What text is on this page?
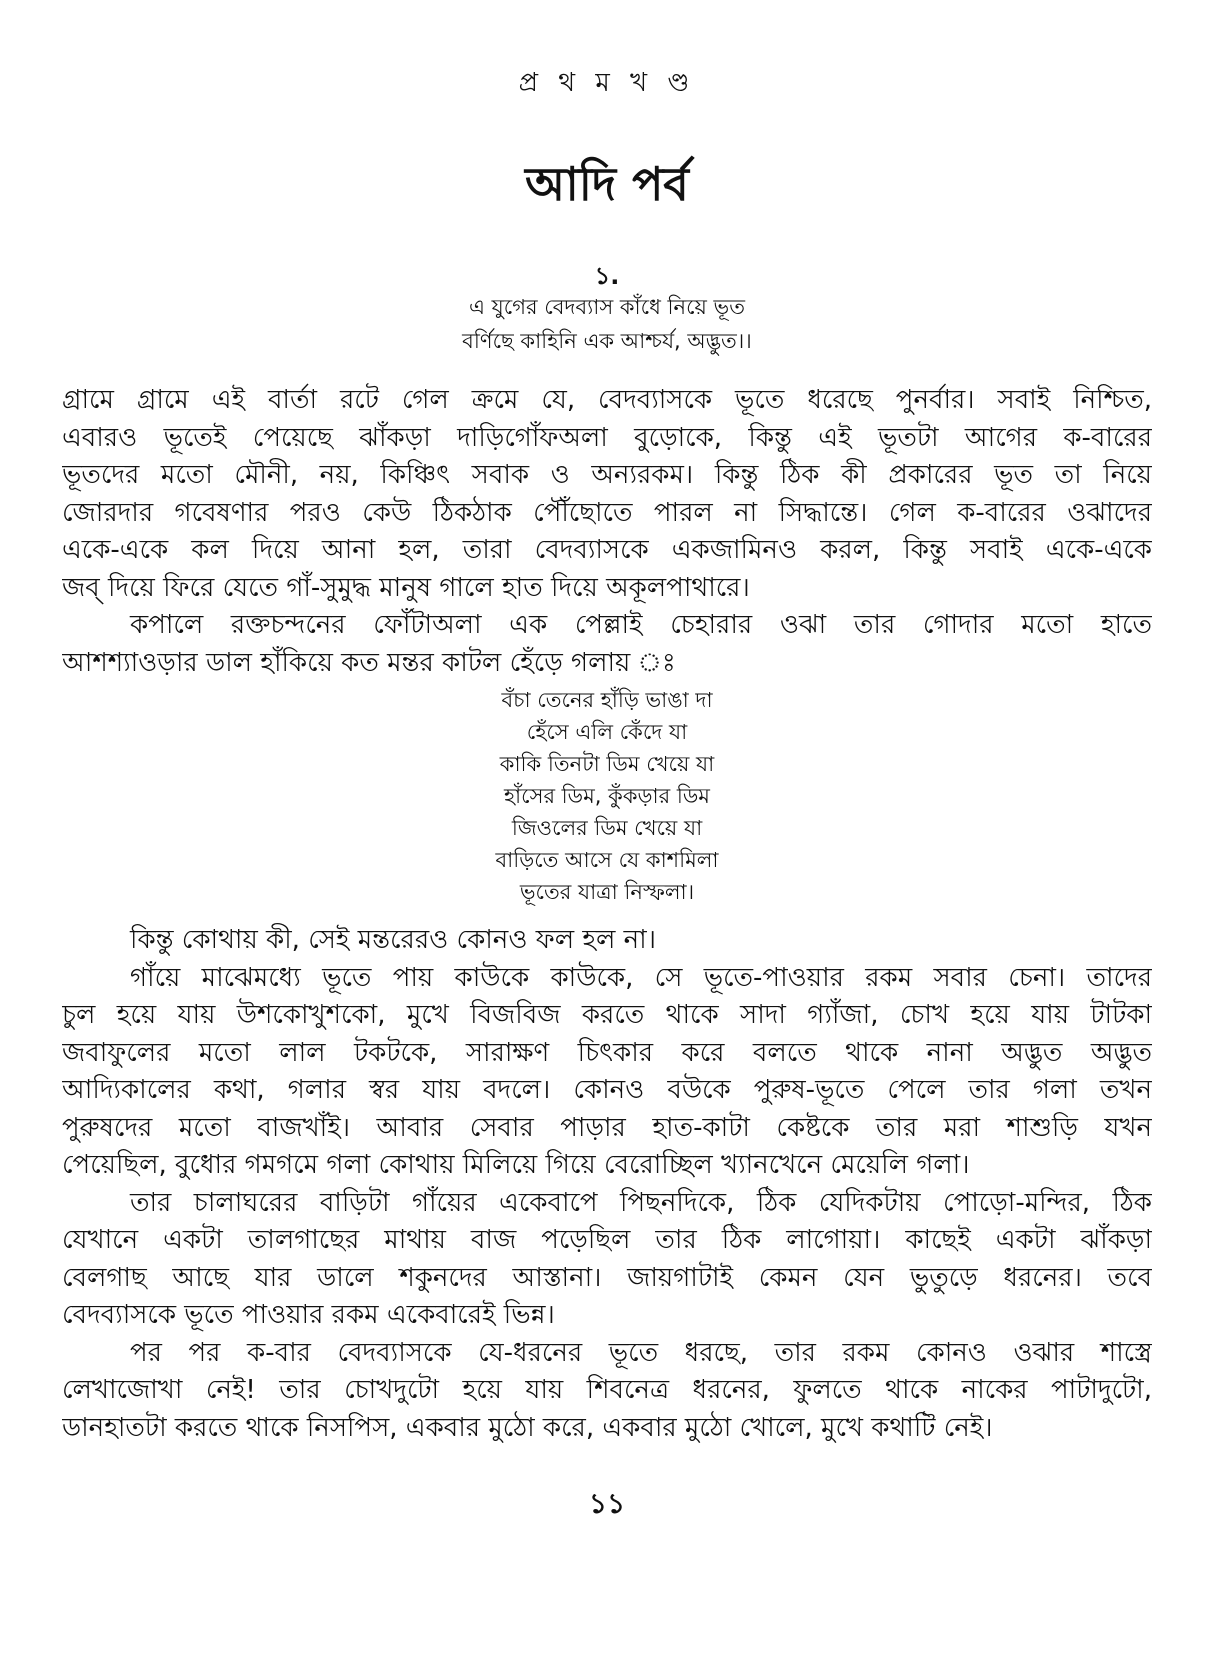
প্র থ ম খ ণ্ড
আদি পর্ব
১.
এ যুগের বেদব্যাস কাঁধে নিয়ে ভূত
বর্ণিছে কাহিনি এক আশ্চর্য, অদ্ভুত।।
গ্রামে গ্রামে এই বার্তা রটে গেল ক্রমে যে, বেদব্যাসকে ভূতে ধরেছে পুনর্বার। সবাই নিশ্চিত,
এবারও ভূতেই পেয়েছে ঝাঁকড়া দাড়িগোঁফঅলা বুড়োকে, কিন্তু এই ভূতটা আগের ক-বারের
ভূতদের মতো মৌনী, নয়, কিঞ্চিৎ সবাক ও অন্যরকম। কিন্তু ঠিক কী প্রকারের ভূত তা নিয়ে
জোরদার গবেষণার পরও কেউ ঠিকঠাক পৌঁছোতে পারল না সিদ্ধান্তে। গেল ক-বারের ওঝাদের
একে-একে কল দিয়ে আনা হল, তারা বেদব্যাসকে একজামিনও করল, কিন্তু সবাই একে-একে
জব্ দিয়ে ফিরে যেতে গাঁ-সুমুদ্ধ মানুষ গালে হাত দিয়ে অকূলপাথারে।
কপালে রক্তচন্দনের ফোঁটাঅলা এক পেল্লাই চেহারার ওঝা তার গোদার মতো হাতে
আশশ্যাওড়ার ডাল হাঁকিয়ে কত মন্তর কাটল হেঁড়ে গলায় ঃ
বঁচা তেনের হাঁড়ি ভাঙা দা
হেঁসে এলি কেঁদে যা
কাকি তিনটা ডিম খেয়ে যা
হাঁসের ডিম, কুঁকড়ার ডিম
জিওলের ডিম খেয়ে যা
বাড়িতে আসে যে কাশমিলা
ভূতের যাত্রা নিস্ফলা।
কিন্তু কোথায় কী, সেই মন্তরেরও কোনও ফল হল না।
গাঁয়ে মাঝেমধ্যে ভূতে পায় কাউকে কাউকে, সে ভূতে-পাওয়ার রকম সবার চেনা। তাদের
চুল হয়ে যায় উশকোখুশকো, মুখে বিজবিজ করতে থাকে সাদা গ্যাঁজা, চোখ হয়ে যায় টাটকা
জবাফুলের মতো লাল টকটকে, সারাক্ষণ চিৎকার করে বলতে থাকে নানা অদ্ভুত অদ্ভুত
আদ্যিকালের কথা, গলার স্বর যায় বদলে। কোনও বউকে পুরুষ-ভূতে পেলে তার গলা তখন
পুরুষদের মতো বাজখাঁই। আবার সেবার পাড়ার হাত-কাটা কেষ্টকে তার মরা শাশুড়ি যখন
পেয়েছিল, বুধোর গমগমে গলা কোথায় মিলিয়ে গিয়ে বেরোচ্ছিল খ্যানখেনে মেয়েলি গলা।
তার চালাঘরের বাড়িটা গাঁয়ের একেবাপে পিছনদিকে, ঠিক যেদিকটায় পোড়ো-মন্দির, ঠিক
যেখানে একটা তালগাছের মাথায় বাজ পড়েছিল তার ঠিক লাগোয়া। কাছেই একটা ঝাঁকড়া
বেলগাছ আছে যার ডালে শকুনদের আস্তানা। জায়গাটাই কেমন যেন ভুতুড়ে ধরনের। তবে
বেদব্যাসকে ভূতে পাওয়ার রকম একেবারেই ভিন্ন।
পর পর ক-বার বেদব্যাসকে যে-ধরনের ভূতে ধরছে, তার রকম কোনও ওঝার শাস্ত্রে
লেখাজোখা নেই! তার চোখদুটো হয়ে যায় শিবনেত্র ধরনের, ফুলতে থাকে নাকের পাটাদুটো,
ডানহাতটা করতে থাকে নিসপিস, একবার মুঠো করে, একবার মুঠো খোলে, মুখে কথাটি নেই।
১১
